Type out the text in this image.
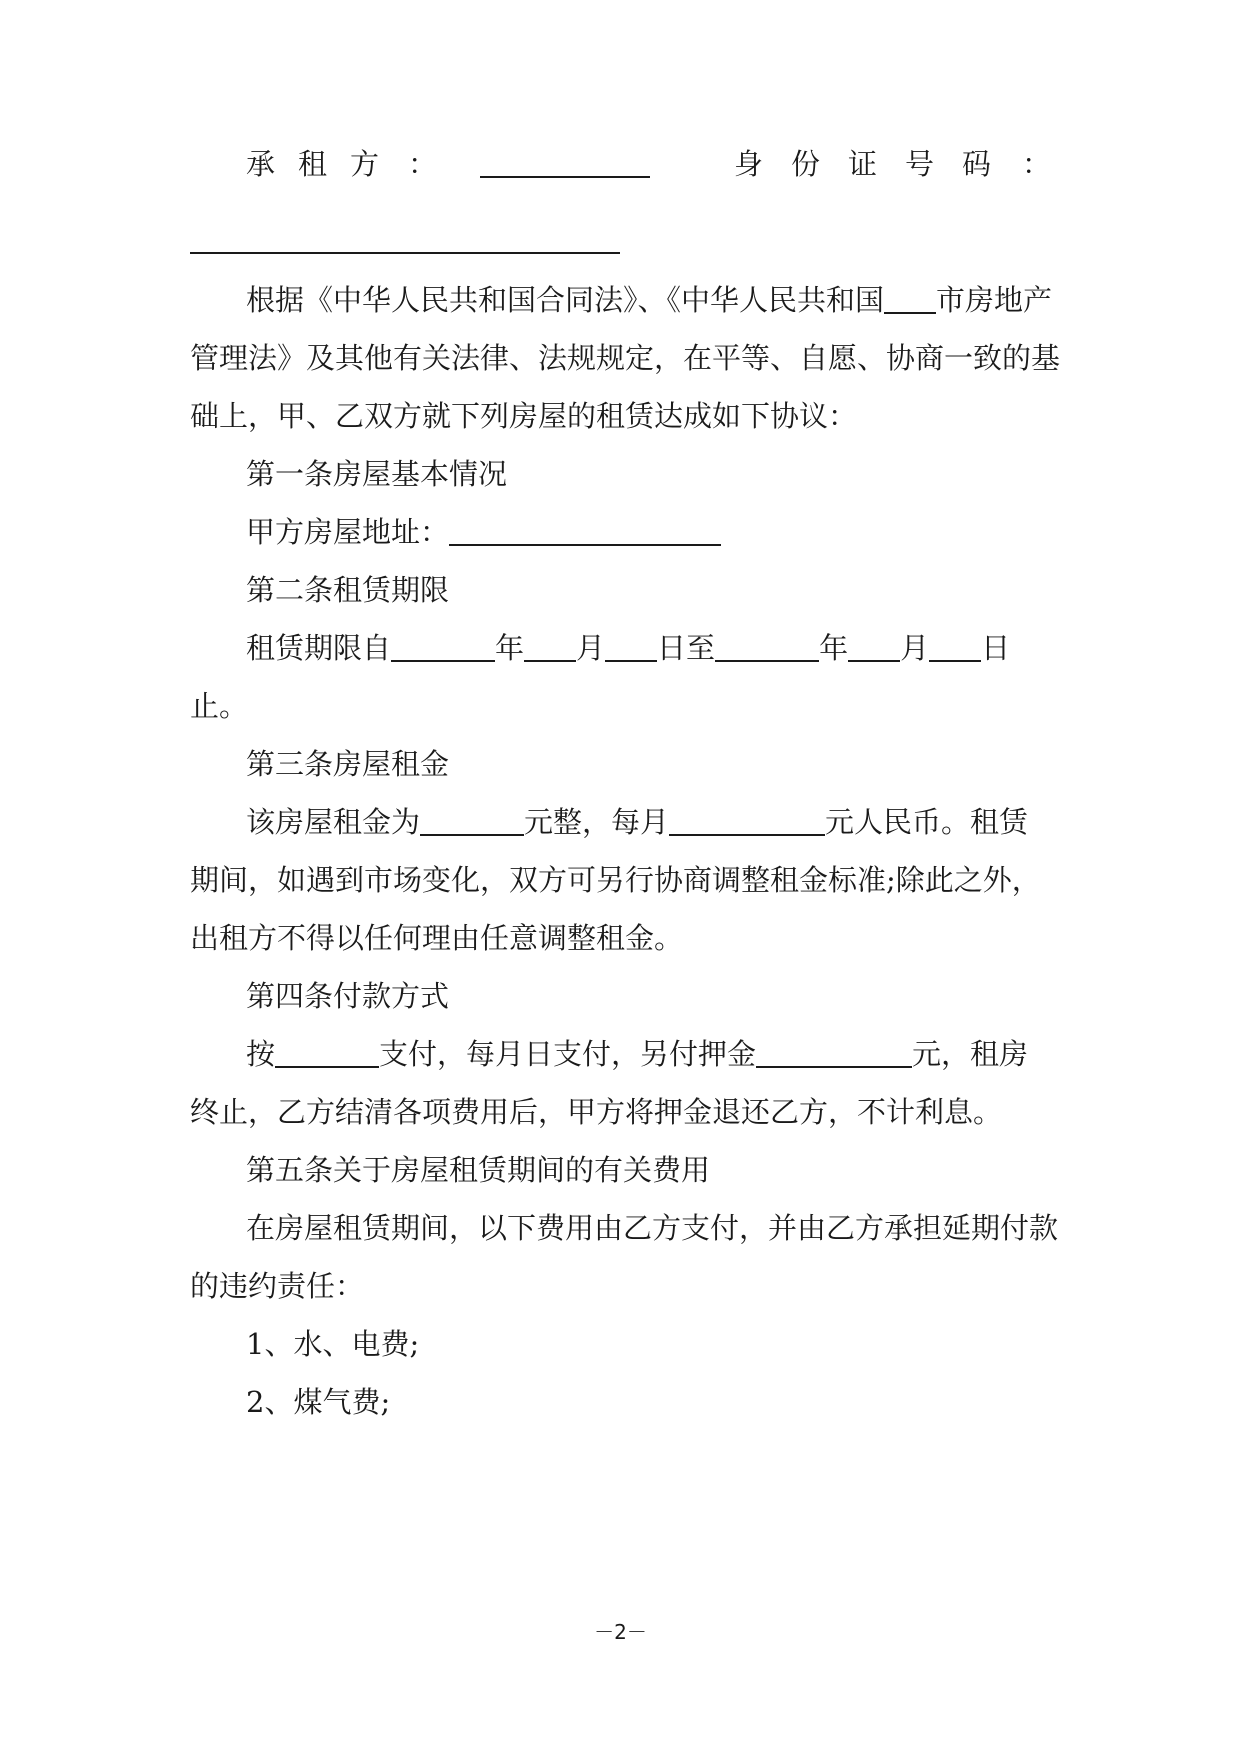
承 租 方 ：	身 份 证 号 码 ：
根据《中华人民共和国合同法》、《中华人民共和国 市房地产
管理法》及其他有关法律、法规规定，在平等、自愿、协商一致的基
础上，甲、乙双方就下列房屋的租赁达成如下协议：
第一条房屋基本情况
甲方房屋地址：
第二条租赁期限
租赁期限自	年 月 日至	年 月 日
止。
第三条房屋租金
该房屋租金为	元整，每月	元人民币。租赁
期间，如遇到市场变化，双方可另行协商调整租金标准;除此之外，
出租方不得以任何理由任意调整租金。
第四条付款方式
按	支付，每月日支付，另付押金	元，租房
终止，乙方结清各项费用后，甲方将押金退还乙方，不计利息。
第五条关于房屋租赁期间的有关费用
在房屋租赁期间，以下费用由乙方支付，并由乙方承担延期付款
的违约责任：
1、水、电费;
2、煤气费;
－2－
